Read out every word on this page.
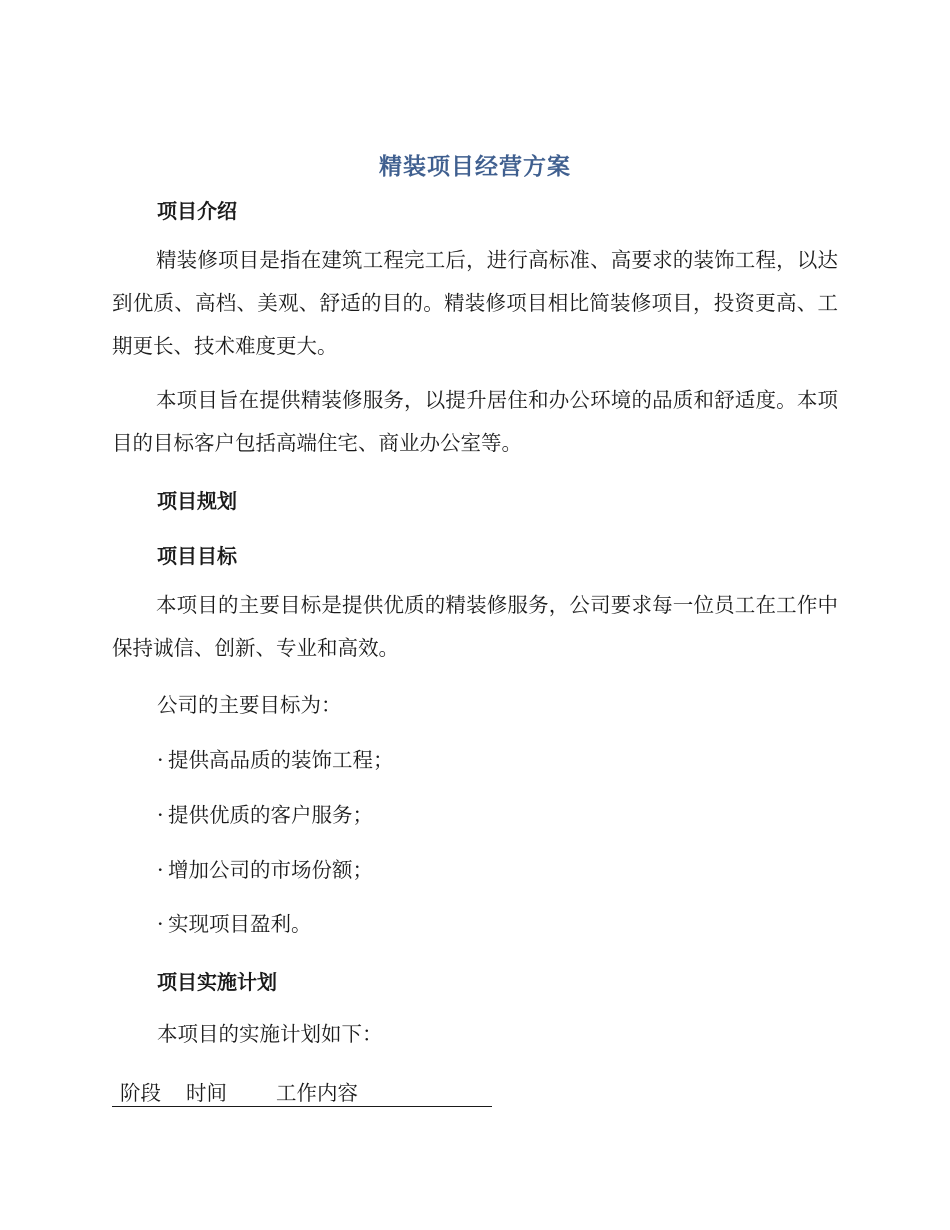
精装项目经营方案
项目介绍

精装修项目是指在建筑工程完工后，进行高标准、高要求的装饰工程，以达到优质、高档、美观、舒适的目的。精装修项目相比简装修项目，投资更高、工期更长、技术难度更大。

本项目旨在提供精装修服务，以提升居住和办公环境的品质和舒适度。本项目的目标客户包括高端住宅、商业办公室等。

项目规划
项目目标

本项目的主要目标是提供优质的精装修服务，公司要求每一位员工在工作中保持诚信、创新、专业和高效。

公司的主要目标为：

· 提供高品质的装饰工程；

· 提供优质的客户服务；

· 增加公司的市场份额；

· 实现项目盈利。

项目实施计划

本项目的实施计划如下：

阶段 时间 工作内容
